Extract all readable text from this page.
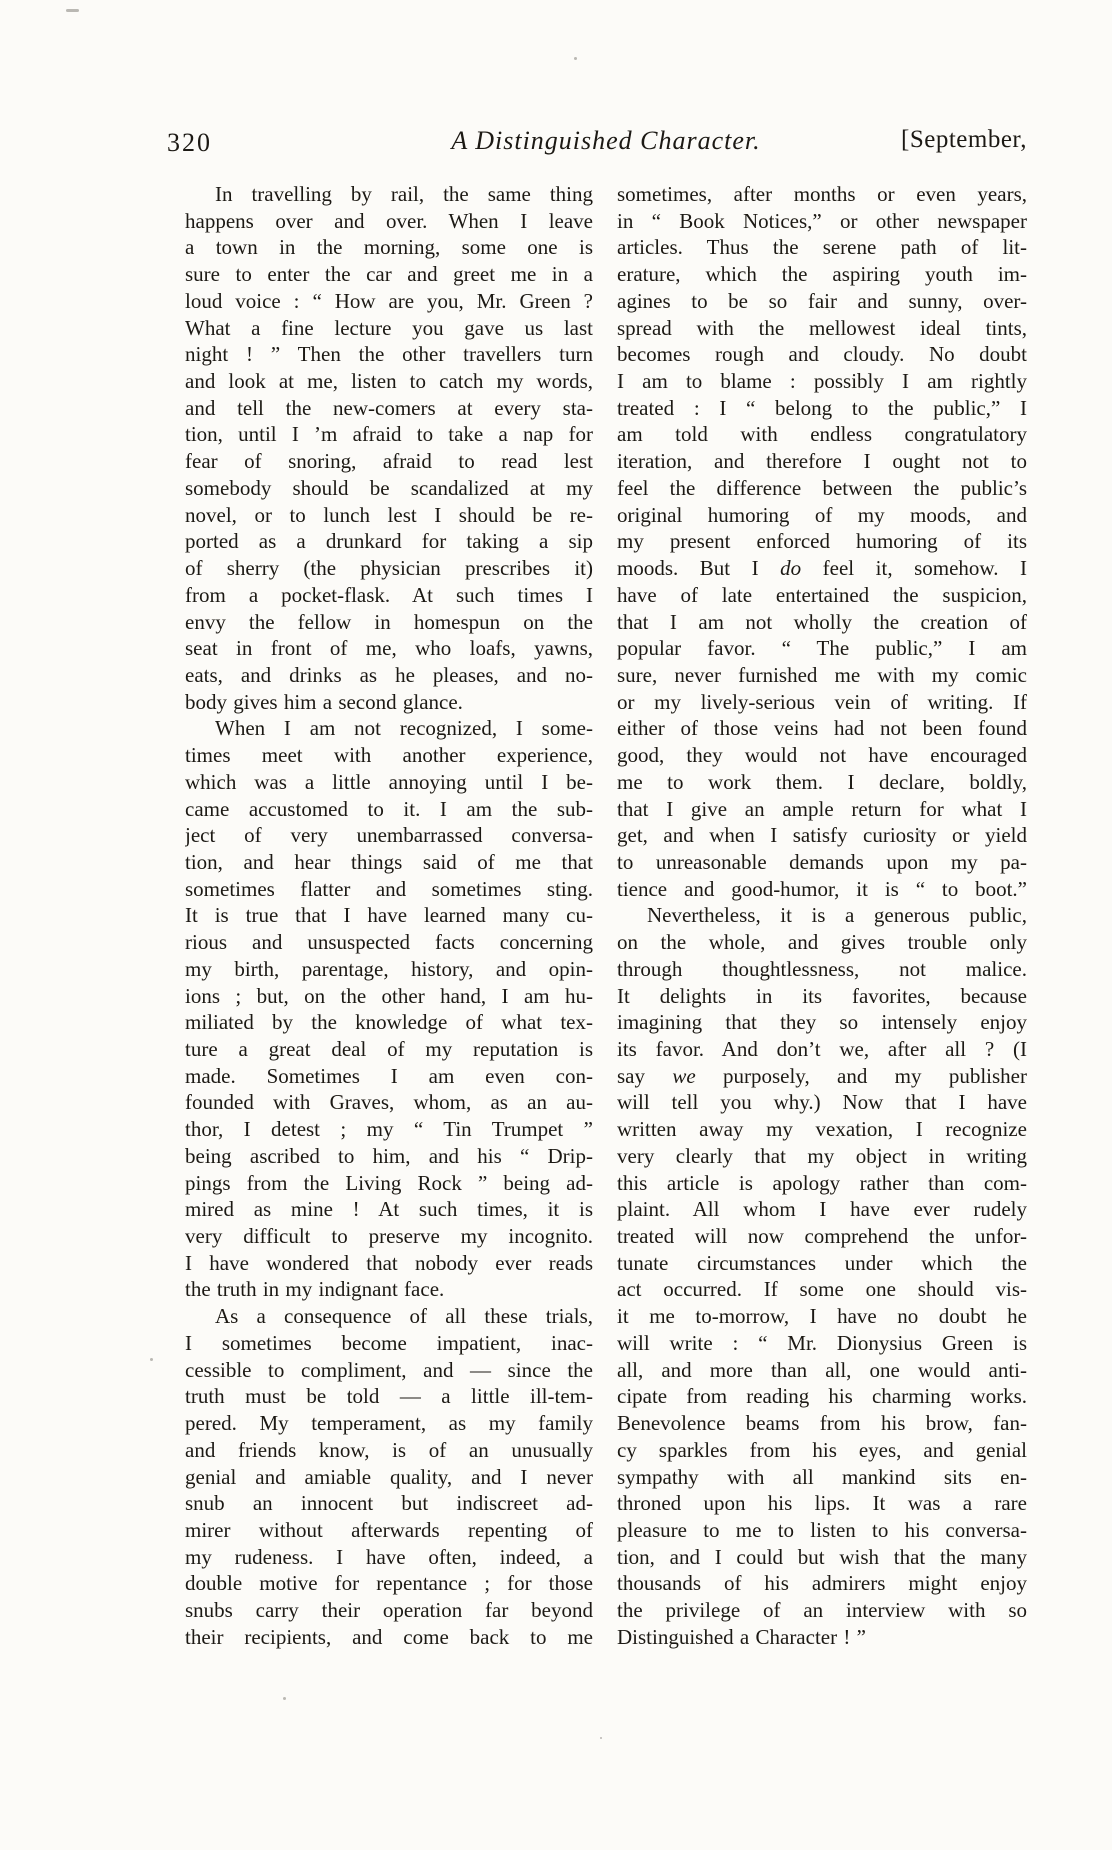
320	A Distinguished Character.	[September,
In travelling by rail, the same thing
happens over and over. When I leave
a town in the morning, some one is
sure to enter the car and greet me in a
loud voice : “ How are you, Mr. Green ?
What a fine lecture you gave us last
night ! ” Then the other travellers turn
and look at me, listen to catch my words,
and tell the new-comers at every sta-
tion, until I ’m afraid to take a nap for
fear of snoring, afraid to read lest
somebody should be scandalized at my
novel, or to lunch lest I should be re-
ported as a drunkard for taking a sip
of sherry (the physician prescribes it)
from a pocket-flask. At such times I
envy the fellow in homespun on the
seat in front of me, who loafs, yawns,
eats, and drinks as he pleases, and no-
body gives him a second glance.
When I am not recognized, I some-
times meet with another experience,
which was a little annoying until I be-
came accustomed to it. I am the sub-
ject of very unembarrassed conversa-
tion, and hear things said of me that
sometimes flatter and sometimes sting.
It is true that I have learned many cu-
rious and unsuspected facts concerning
my birth, parentage, history, and opin-
ions ; but, on the other hand, I am hu-
miliated by the knowledge of what tex-
ture a great deal of my reputation is
made. Sometimes I am even con-
founded with Graves, whom, as an au-
thor, I detest ; my “ Tin Trumpet ”
being ascribed to him, and his “ Drip-
pings from the Living Rock ” being ad-
mired as mine ! At such times, it is
very difficult to preserve my incognito.
I have wondered that nobody ever reads
the truth in my indignant face.
As a consequence of all these trials,
I sometimes become impatient, inac-
cessible to compliment, and — since the
truth must be told — a little ill-tem-
pered. My temperament, as my family
and friends know, is of an unusually
genial and amiable quality, and I never
snub an innocent but indiscreet ad-
mirer without afterwards repenting of
my rudeness. I have often, indeed, a
double motive for repentance ; for those
snubs carry their operation far beyond
their recipients, and come back to me
sometimes, after months or even years,
in “ Book Notices,” or other newspaper
articles. Thus the serene path of lit-
erature, which the aspiring youth im-
agines to be so fair and sunny, over-
spread with the mellowest ideal tints,
becomes rough and cloudy. No doubt
I am to blame : possibly I am rightly
treated : I “ belong to the public,” I
am told with endless congratulatory
iteration, and therefore I ought not to
feel the difference between the public’s
original humoring of my moods, and
my present enforced humoring of its
moods. But I do feel it, somehow. I
have of late entertained the suspicion,
that I am not wholly the creation of
popular favor. “ The public,” I am
sure, never furnished me with my comic
or my lively-serious vein of writing. If
either of those veins had not been found
good, they would not have encouraged
me to work them. I declare, boldly,
that I give an ample return for what I
get, and when I satisfy curiosity or yield
to unreasonable demands upon my pa-
tience and good-humor, it is “ to boot.”
Nevertheless, it is a generous public,
on the whole, and gives trouble only
through thoughtlessness, not malice.
It delights in its favorites, because
imagining that they so intensely enjoy
its favor. And don’t we, after all ? (I
say we purposely, and my publisher
will tell you why.) Now that I have
written away my vexation, I recognize
very clearly that my object in writing
this article is apology rather than com-
plaint. All whom I have ever rudely
treated will now comprehend the unfor-
tunate circumstances under which the
act occurred. If some one should vis-
it me to-morrow, I have no doubt he
will write : “ Mr. Dionysius Green is
all, and more than all, one would anti-
cipate from reading his charming works.
Benevolence beams from his brow, fan-
cy sparkles from his eyes, and genial
sympathy with all mankind sits en-
throned upon his lips. It was a rare
pleasure to me to listen to his conversa-
tion, and I could but wish that the many
thousands of his admirers might enjoy
the privilege of an interview with so
Distinguished a Character ! ”
